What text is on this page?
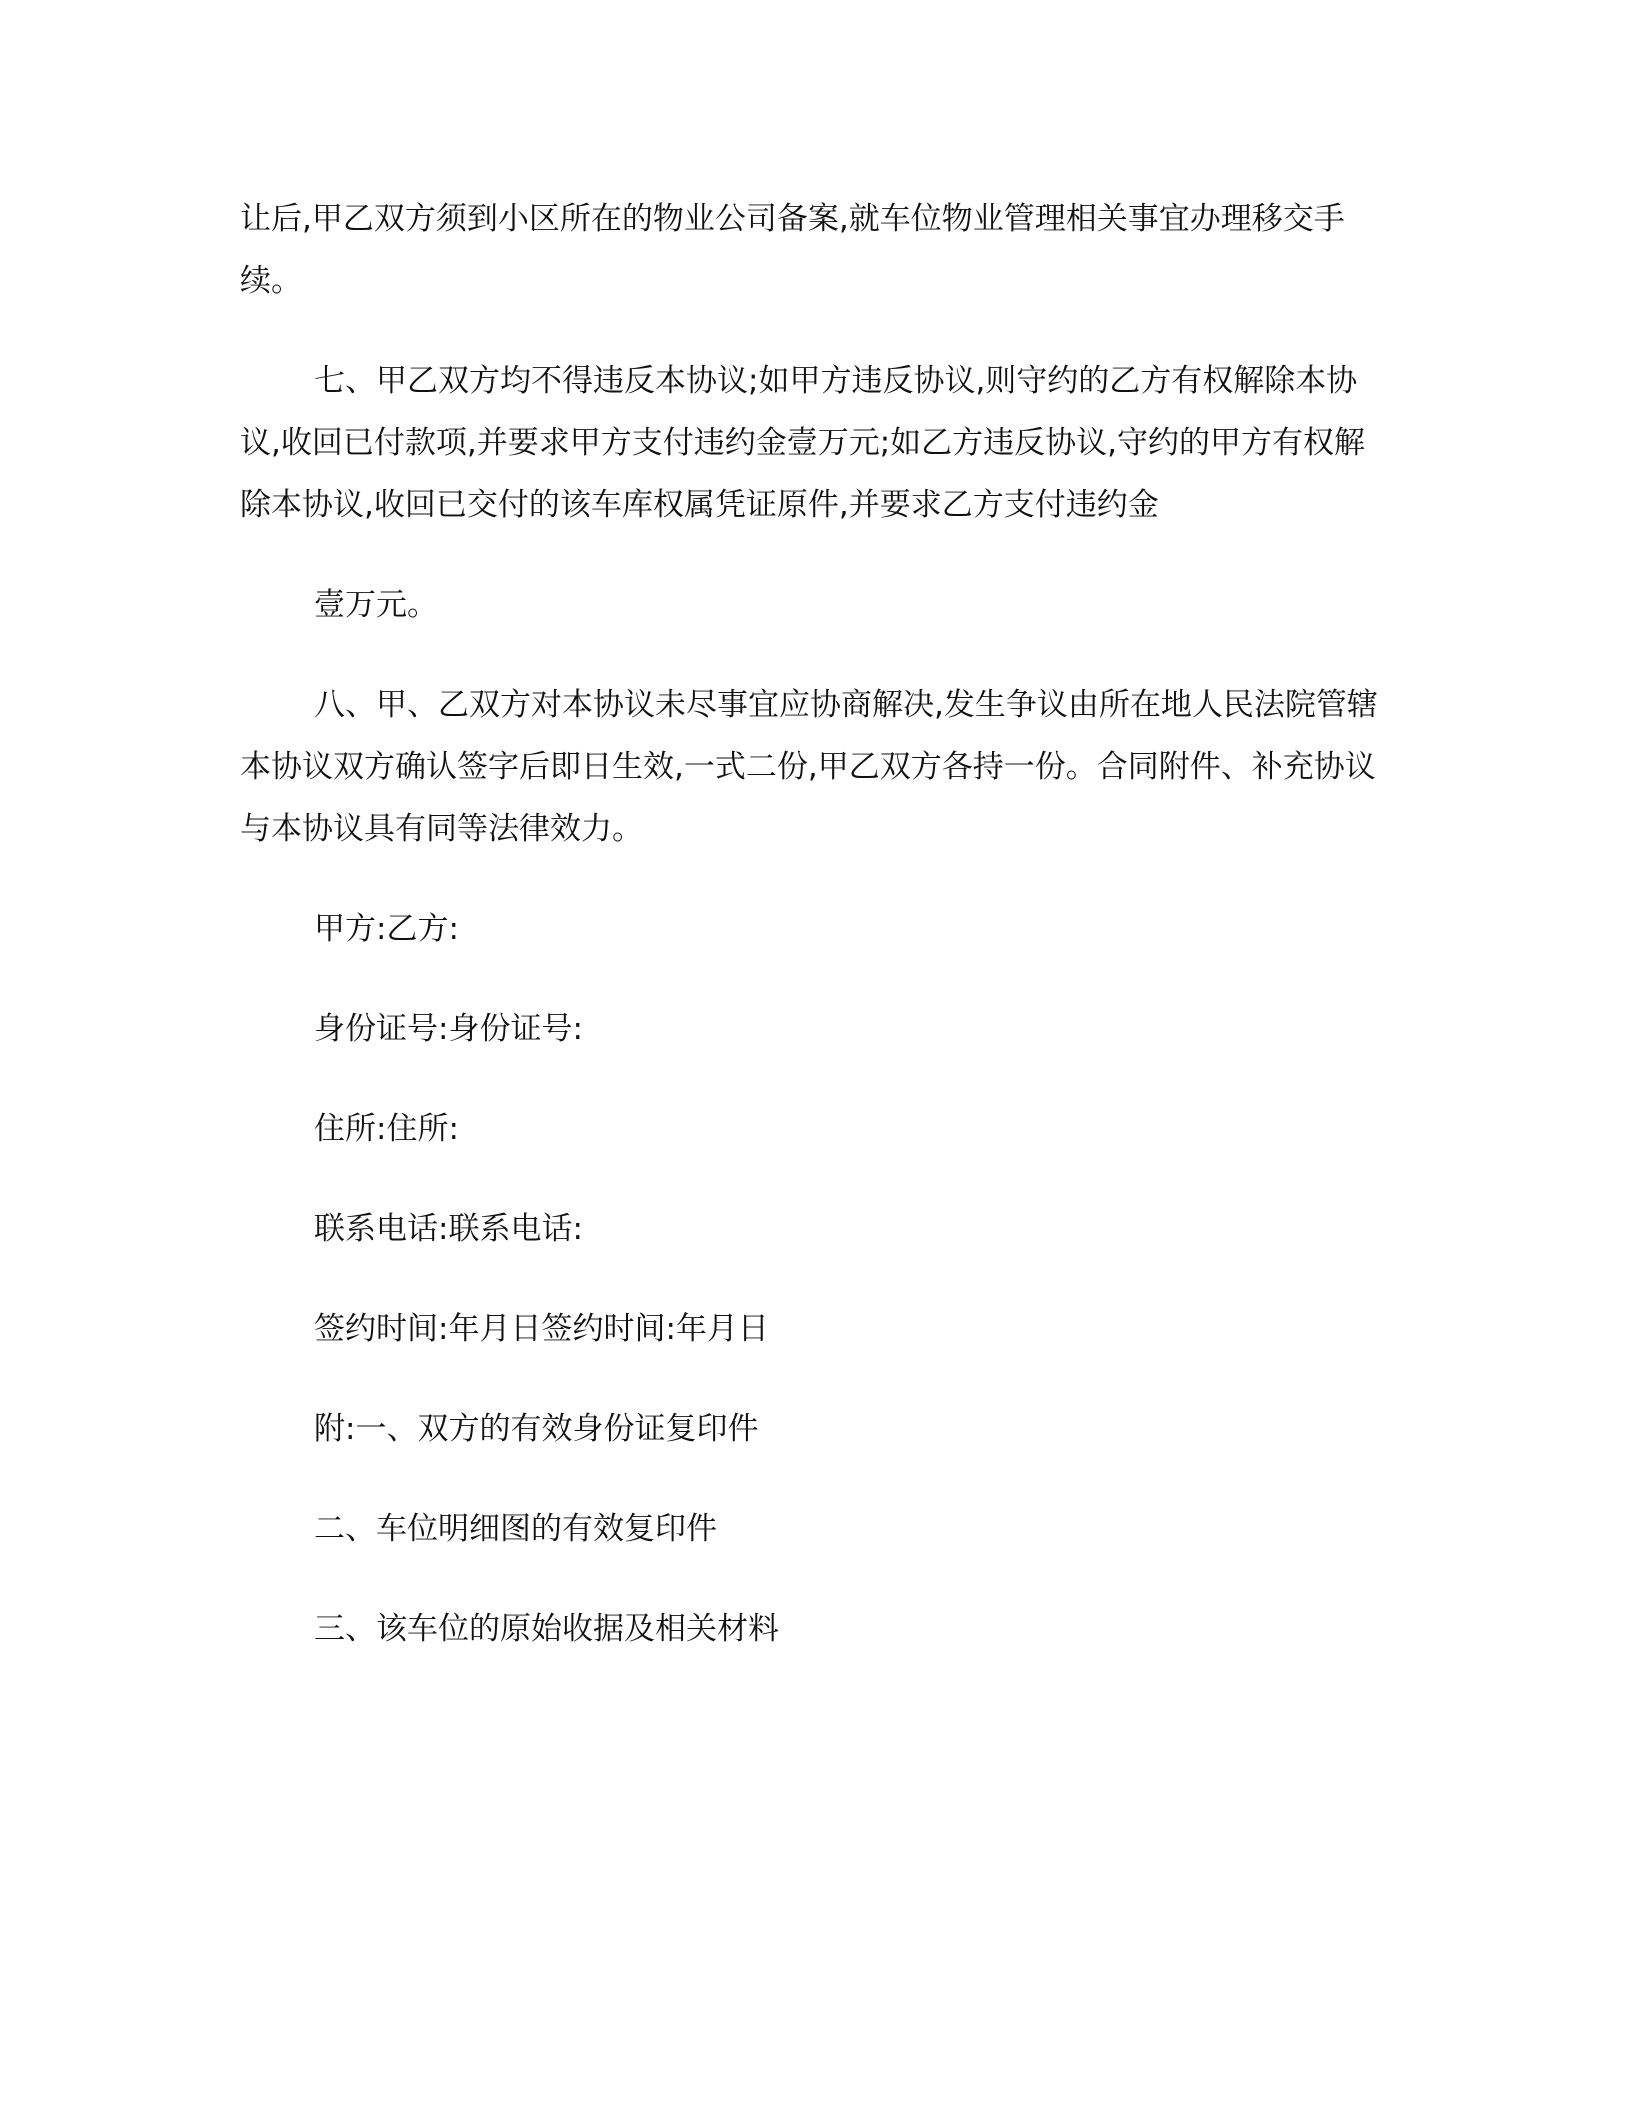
让后,甲乙双方须到小区所在的物业公司备案,就车位物业管理相关事宜办理移交手续。

七、甲乙双方均不得违反本协议;如甲方违反协议,则守约的乙方有权解除本协议,收回已付款项,并要求甲方支付违约金壹万元;如乙方违反协议,守约的甲方有权解除本协议,收回已交付的该车库权属凭证原件,并要求乙方支付违约金

壹万元。

八、甲、乙双方对本协议未尽事宜应协商解决,发生争议由所在地人民法院管辖本协议双方确认签字后即日生效,一式二份,甲乙双方各持一份。合同附件、补充协议与本协议具有同等法律效力。

甲方:乙方:

身份证号:身份证号:

住所:住所:

联系电话:联系电话:

签约时间:年月日签约时间:年月日

附:一、双方的有效身份证复印件

二、车位明细图的有效复印件

三、该车位的原始收据及相关材料
